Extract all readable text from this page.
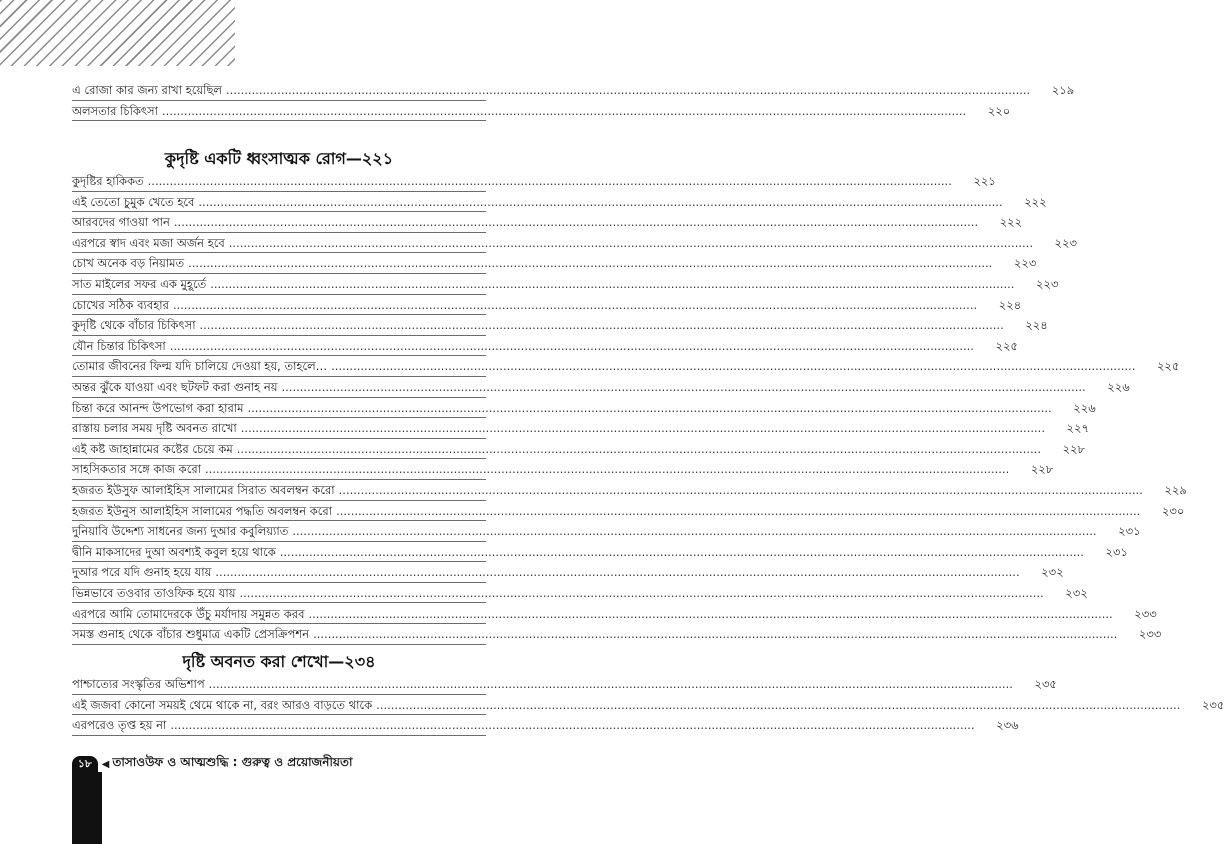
এ রোজা কার জন্য রাখা হয়েছিল ............................................................................................................................................................................................................................	২১৯
অলসতার চিকিৎসা ............................................................................................................................................................................................................................	২২০
কুদৃষ্টি একটি ধ্বংসাত্মক রোগ—২২১
কুদৃষ্টির হাকিকত ............................................................................................................................................................................................................................	২২১
এই তেতো চুমুক খেতে হবে ............................................................................................................................................................................................................................	২২২
আরবদের গাওয়া পান ............................................................................................................................................................................................................................	২২২
এরপরে স্বাদ এবং মজা অর্জন হবে ............................................................................................................................................................................................................................	২২৩
চোখ অনেক বড় নিয়ামত ............................................................................................................................................................................................................................	২২৩
সাত মাইলের সফর এক মুহূর্তে ............................................................................................................................................................................................................................	২২৩
চোখের সঠিক ব্যবহার ............................................................................................................................................................................................................................	২২৪
কুদৃষ্টি থেকে বাঁচার চিকিৎসা ............................................................................................................................................................................................................................	২২৪
যৌন চিন্তার চিকিৎসা ............................................................................................................................................................................................................................	২২৫
তোমার জীবনের ফিল্ম যদি চালিয়ে দেওয়া হয়, তাহলে… ............................................................................................................................................................................................................................	২২৫
অন্তর ঝুঁকে যাওয়া এবং ছটফট করা গুনাহ নয় ............................................................................................................................................................................................................................	২২৬
চিন্তা করে আনন্দ উপভোগ করা হারাম ............................................................................................................................................................................................................................	২২৬
রাস্তায় চলার সময় দৃষ্টি অবনত রাখো ............................................................................................................................................................................................................................	২২৭
এই কষ্ট জাহান্নামের কষ্টের চেয়ে কম ............................................................................................................................................................................................................................	২২৮
সাহসিকতার সঙ্গে কাজ করো ............................................................................................................................................................................................................................	২২৮
হজরত ইউসুফ আলাইহিস সালামের সিরাত অবলম্বন করো ............................................................................................................................................................................................................................	২২৯
হজরত ইউনুস আলাইহিস সালামের পদ্ধতি অবলম্বন করো ............................................................................................................................................................................................................................	২৩০
দুনিয়াবি উদ্দেশ্য সাধনের জন্য দুআর কবুলিয়্যাত ............................................................................................................................................................................................................................	২৩১
দ্বীনি মাকসাদের দুআ অবশ্যই কবুল হয়ে থাকে ............................................................................................................................................................................................................................	২৩১
দুআর পরে যদি গুনাহ হয়ে যায় ............................................................................................................................................................................................................................	২৩২
ভিন্নভাবে তওবার তাওফিক হয়ে যায় ............................................................................................................................................................................................................................	২৩২
এরপরে আমি তোমাদেরকে উঁচু মর্যাদায় সমুন্নত করব ............................................................................................................................................................................................................................	২৩৩
সমস্ত গুনাহ থেকে বাঁচার শুধুমাত্র একটি প্রেসক্রিপশন ............................................................................................................................................................................................................................	২৩৩
দৃষ্টি অবনত করা শেখো—২৩৪
পাশ্চাত্যের সংস্কৃতির অভিশাপ ............................................................................................................................................................................................................................	২৩৫
এই জজবা কোনো সময়ই থেমে থাকে না, বরং আরও বাড়তে থাকে ............................................................................................................................................................................................................................	২৩৫
এরপরেও তৃপ্ত হয় না ............................................................................................................................................................................................................................	২৩৬
১৮	◀ তাসাওউফ ও আত্মশুদ্ধি : গুরুত্ব ও প্রয়োজনীয়তা
